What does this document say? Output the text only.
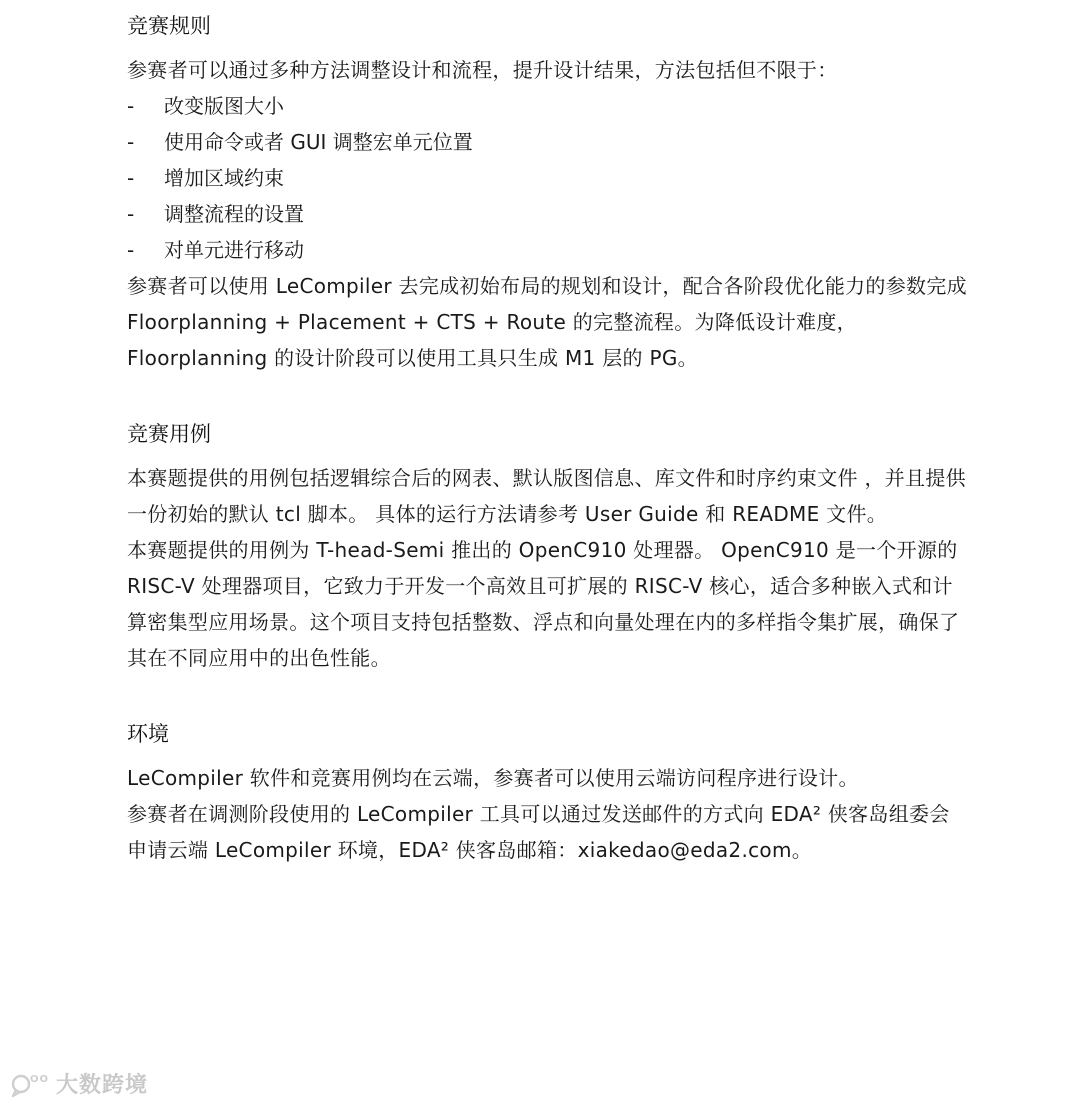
竞赛规则

参赛者可以通过多种方法调整设计和流程，提升设计结果，方法包括但不限于：

-	改变版图大小
-	使用命令或者 GUI 调整宏单元位置
-	增加区域约束
-	调整流程的设置
-	对单元进行移动

参赛者可以使用 LeCompiler 去完成初始布局的规划和设计，配合各阶段优化能力的参数完成 Floorplanning + Placement + CTS + Route 的完整流程。为降低设计难度，Floorplanning 的设计阶段可以使用工具只生成 M1 层的 PG。

竞赛用例

本赛题提供的用例包括逻辑综合后的网表、默认版图信息、库文件和时序约束文件 ，并且提供一份初始的默认 tcl 脚本。 具体的运行方法请参考 User Guide 和 README 文件。

本赛题提供的用例为 T-head-Semi 推出的 OpenC910 处理器。 OpenC910 是一个开源的 RISC-V 处理器项目，它致力于开发一个高效且可扩展的 RISC-V 核心，适合多种嵌入式和计算密集型应用场景。这个项目支持包括整数、浮点和向量处理在内的多样指令集扩展，确保了其在不同应用中的出色性能。

环境

LeCompiler 软件和竞赛用例均在云端，参赛者可以使用云端访问程序进行设计。

参赛者在调测阶段使用的 LeCompiler 工具可以通过发送邮件的方式向 EDA² 侠客岛组委会申请云端 LeCompiler 环境，EDA² 侠客岛邮箱：xiakedao@eda2.com。

OO 大数跨境
